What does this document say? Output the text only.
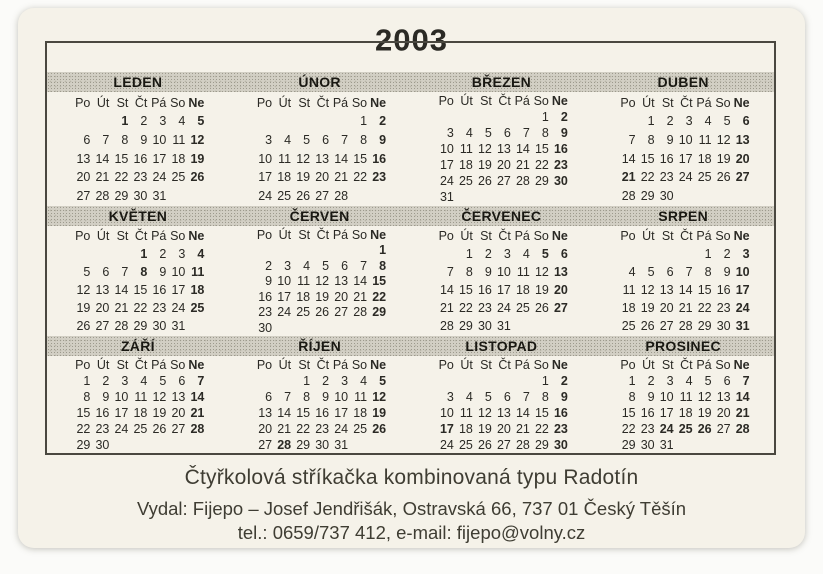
2003
LEDEN	ÚNOR	BŘEZEN	DUBEN
Po	Út	St	Čt	Pá	So	Ne
		1	2	3	4	5
6	7	8	9	10	11	12
13	14	15	16	17	18	19
20	21	22	23	24	25	26
27	28	29	30	31		
Po	Út	St	Čt	Pá	So	Ne
					1	2
3	4	5	6	7	8	9
10	11	12	13	14	15	16
17	18	19	20	21	22	23
24	25	26	27	28		
Po	Út	St	Čt	Pá	So	Ne
					1	2
3	4	5	6	7	8	9
10	11	12	13	14	15	16
17	18	19	20	21	22	23
24	25	26	27	28	29	30
31						
Po	Út	St	Čt	Pá	So	Ne
	1	2	3	4	5	6
7	8	9	10	11	12	13
14	15	16	17	18	19	20
21	22	23	24	25	26	27
28	29	30				
KVĚTEN	ČERVEN	ČERVENEC	SRPEN
Po	Út	St	Čt	Pá	So	Ne
			1	2	3	4
5	6	7	8	9	10	11
12	13	14	15	16	17	18
19	20	21	22	23	24	25
26	27	28	29	30	31	
Po	Út	St	Čt	Pá	So	Ne
						1
2	3	4	5	6	7	8
9	10	11	12	13	14	15
16	17	18	19	20	21	22
23	24	25	26	27	28	29
30						
Po	Út	St	Čt	Pá	So	Ne
	1	2	3	4	5	6
7	8	9	10	11	12	13
14	15	16	17	18	19	20
21	22	23	24	25	26	27
28	29	30	31			
Po	Út	St	Čt	Pá	So	Ne
				1	2	3
4	5	6	7	8	9	10
11	12	13	14	15	16	17
18	19	20	21	22	23	24
25	26	27	28	29	30	31
ZÁŘÍ	ŘÍJEN	LISTOPAD	PROSINEC
Po	Út	St	Čt	Pá	So	Ne
1	2	3	4	5	6	7
8	9	10	11	12	13	14
15	16	17	18	19	20	21
22	23	24	25	26	27	28
29	30					
Po	Út	St	Čt	Pá	So	Ne
		1	2	3	4	5
6	7	8	9	10	11	12
13	14	15	16	17	18	19
20	21	22	23	24	25	26
27	28	29	30	31		
Po	Út	St	Čt	Pá	So	Ne
					1	2
3	4	5	6	7	8	9
10	11	12	13	14	15	16
17	18	19	20	21	22	23
24	25	26	27	28	29	30
Po	Út	St	Čt	Pá	So	Ne
1	2	3	4	5	6	7
8	9	10	11	12	13	14
15	16	17	18	19	20	21
22	23	24	25	26	27	28
29	30	31				
Čtyřkolová stříkačka kombinovaná typu Radotín
Vydal: Fijepo – Josef Jendřišák, Ostravská 66, 737 01 Český Těšín
tel.: 0659/737 412, e-mail: fijepo@volny.cz
